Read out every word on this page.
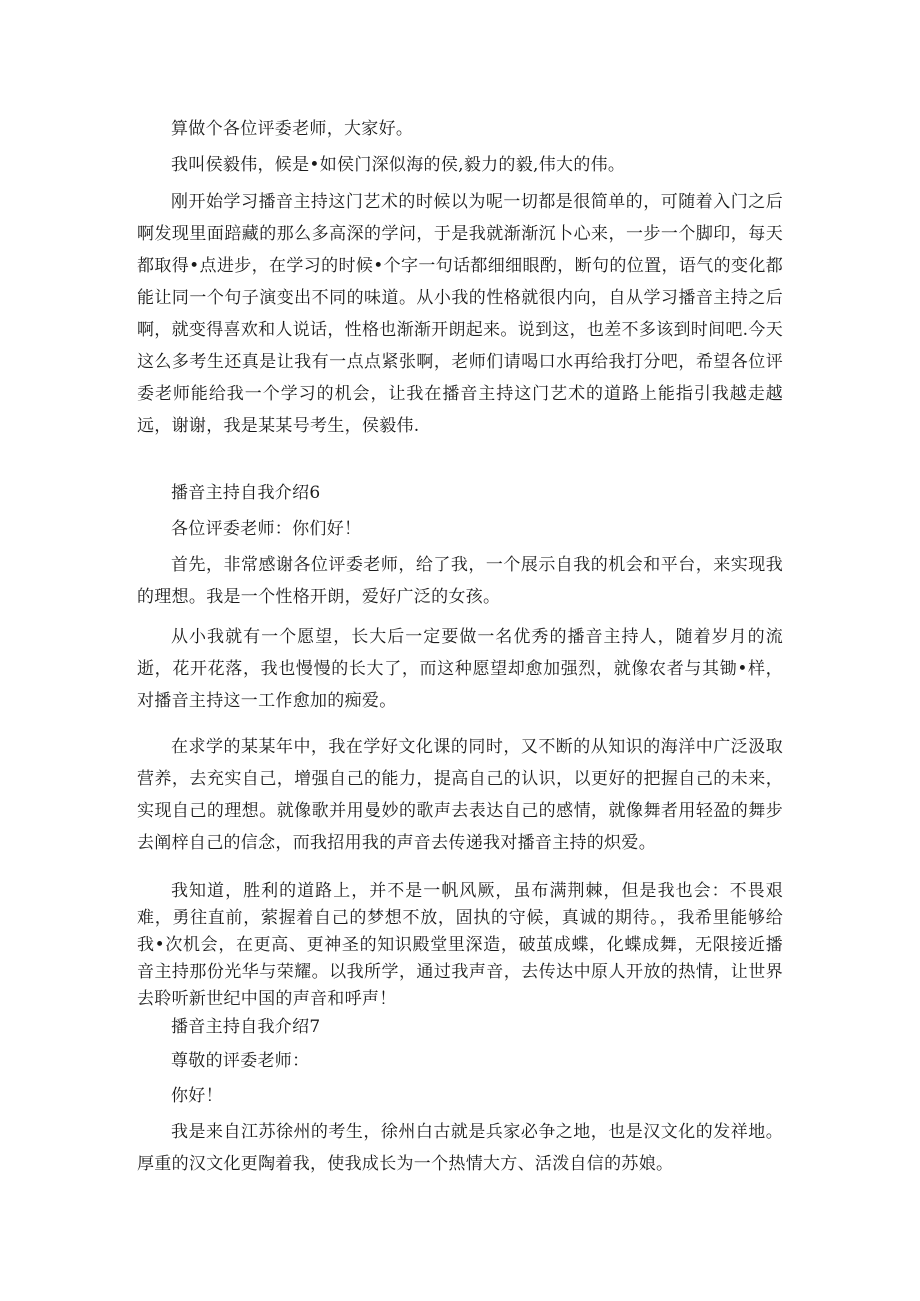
算做个各位评委老师，大家好。

我叫侯毅伟，候是•如侯门深似海的侯,毅力的毅,伟大的伟。

刚开始学习播音主持这门艺术的时候以为呢一切都是很简单的，可随着入门之后啊发现里面踣藏的那么多高深的学问，于是我就渐渐沉卜心来，一步一个脚印，每天都取得•点进步，在学习的时候•个字一句话都细细眼酌，断句的位置，语气的变化都能让同一个句子演变出不同的味道。从小我的性格就很内向，自从学习播音主持之后啊，就变得喜欢和人说话，性格也渐渐开朗起来。说到这，也差不多该到时间吧.今天这么多考生还真是让我有一点点紧张啊，老师们请喝口水再给我打分吧，希望各位评委老师能给我一个学习的机会，让我在播音主持这门艺术的道路上能指引我越走越远，谢谢，我是某某号考生，侯毅伟.

播音主持自我介绍6

各位评委老师：你们好！

首先，非常感谢各位评委老师，给了我，一个展示自我的机会和平台，来实现我的理想。我是一个性格开朗，爱好广泛的女孩。

从小我就有一个愿望，长大后一定要做一名优秀的播音主持人，随着岁月的流逝，花开花落，我也慢慢的长大了，而这种愿望却愈加强烈，就像农者与其锄•样，对播音主持这一工作愈加的痴爱。

在求学的某某年中，我在学好文化课的同时，又不断的从知识的海洋中广泛汲取营养，去充实自己，增强自己的能力，提高自己的认识，以更好的把握自己的未来，实现自己的理想。就像歌并用曼妙的歌声去表达自己的感情，就像舞者用轻盈的舞步去阐梓自己的信念，而我招用我的声音去传递我对播音主持的炽爱。

我知道，胜利的道路上，并不是一帆风厥，虽布满荆棘，但是我也会：不畏艰难，勇往直前，萦握着自己的梦想不放，固执的守候，真诚的期待。，我希里能够给我•次机会，在更高、更神圣的知识殿堂里深造，破茧成蝶，化蝶成舞，无限接近播音主持那份光华与荣耀。以我所学，通过我声音，去传达中原人开放的热情，让世界去聆听新世纪中国的声音和呼声！

播音主持自我介绍7

尊敬的评委老师：

你好！

我是来自江苏徐州的考生，徐州白古就是兵家必争之地，也是汉文化的发祥地。厚重的汉文化更陶着我，使我成长为一个热情大方、活泼自信的苏娘。
